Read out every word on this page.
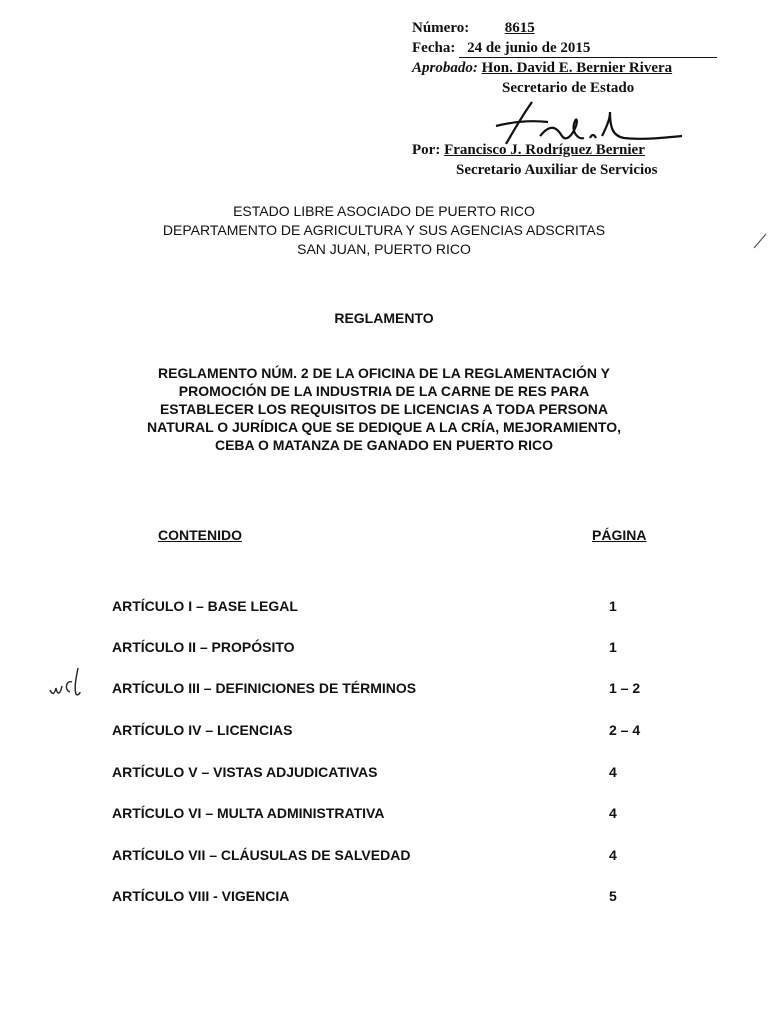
Número: 8615
Fecha: 24 de junio de 2015
Aprobado: Hon. David E. Bernier Rivera
Secretario de Estado
Por: Francisco J. Rodríguez Bernier
Secretario Auxiliar de Servicios
ESTADO LIBRE ASOCIADO DE PUERTO RICO
DEPARTAMENTO DE AGRICULTURA Y SUS AGENCIAS ADSCRITAS
SAN JUAN, PUERTO RICO
REGLAMENTO
REGLAMENTO NÚM. 2 DE LA OFICINA DE LA REGLAMENTACIÓN Y
PROMOCIÓN DE LA INDUSTRIA DE LA CARNE DE RES PARA
ESTABLECER LOS REQUISITOS DE LICENCIAS A TODA PERSONA
NATURAL O JURÍDICA QUE SE DEDIQUE A LA CRÍA, MEJORAMIENTO,
CEBA O MATANZA DE GANADO EN PUERTO RICO
CONTENIDO	PÁGINA
ARTÍCULO I – BASE LEGAL	1
ARTÍCULO II – PROPÓSITO	1
ARTÍCULO III – DEFINICIONES DE TÉRMINOS	1 – 2
ARTÍCULO IV – LICENCIAS	2 – 4
ARTÍCULO V – VISTAS ADJUDICATIVAS	4
ARTÍCULO VI – MULTA ADMINISTRATIVA	4
ARTÍCULO VII – CLÁUSULAS DE SALVEDAD	4
ARTÍCULO VIII - VIGENCIA	5
